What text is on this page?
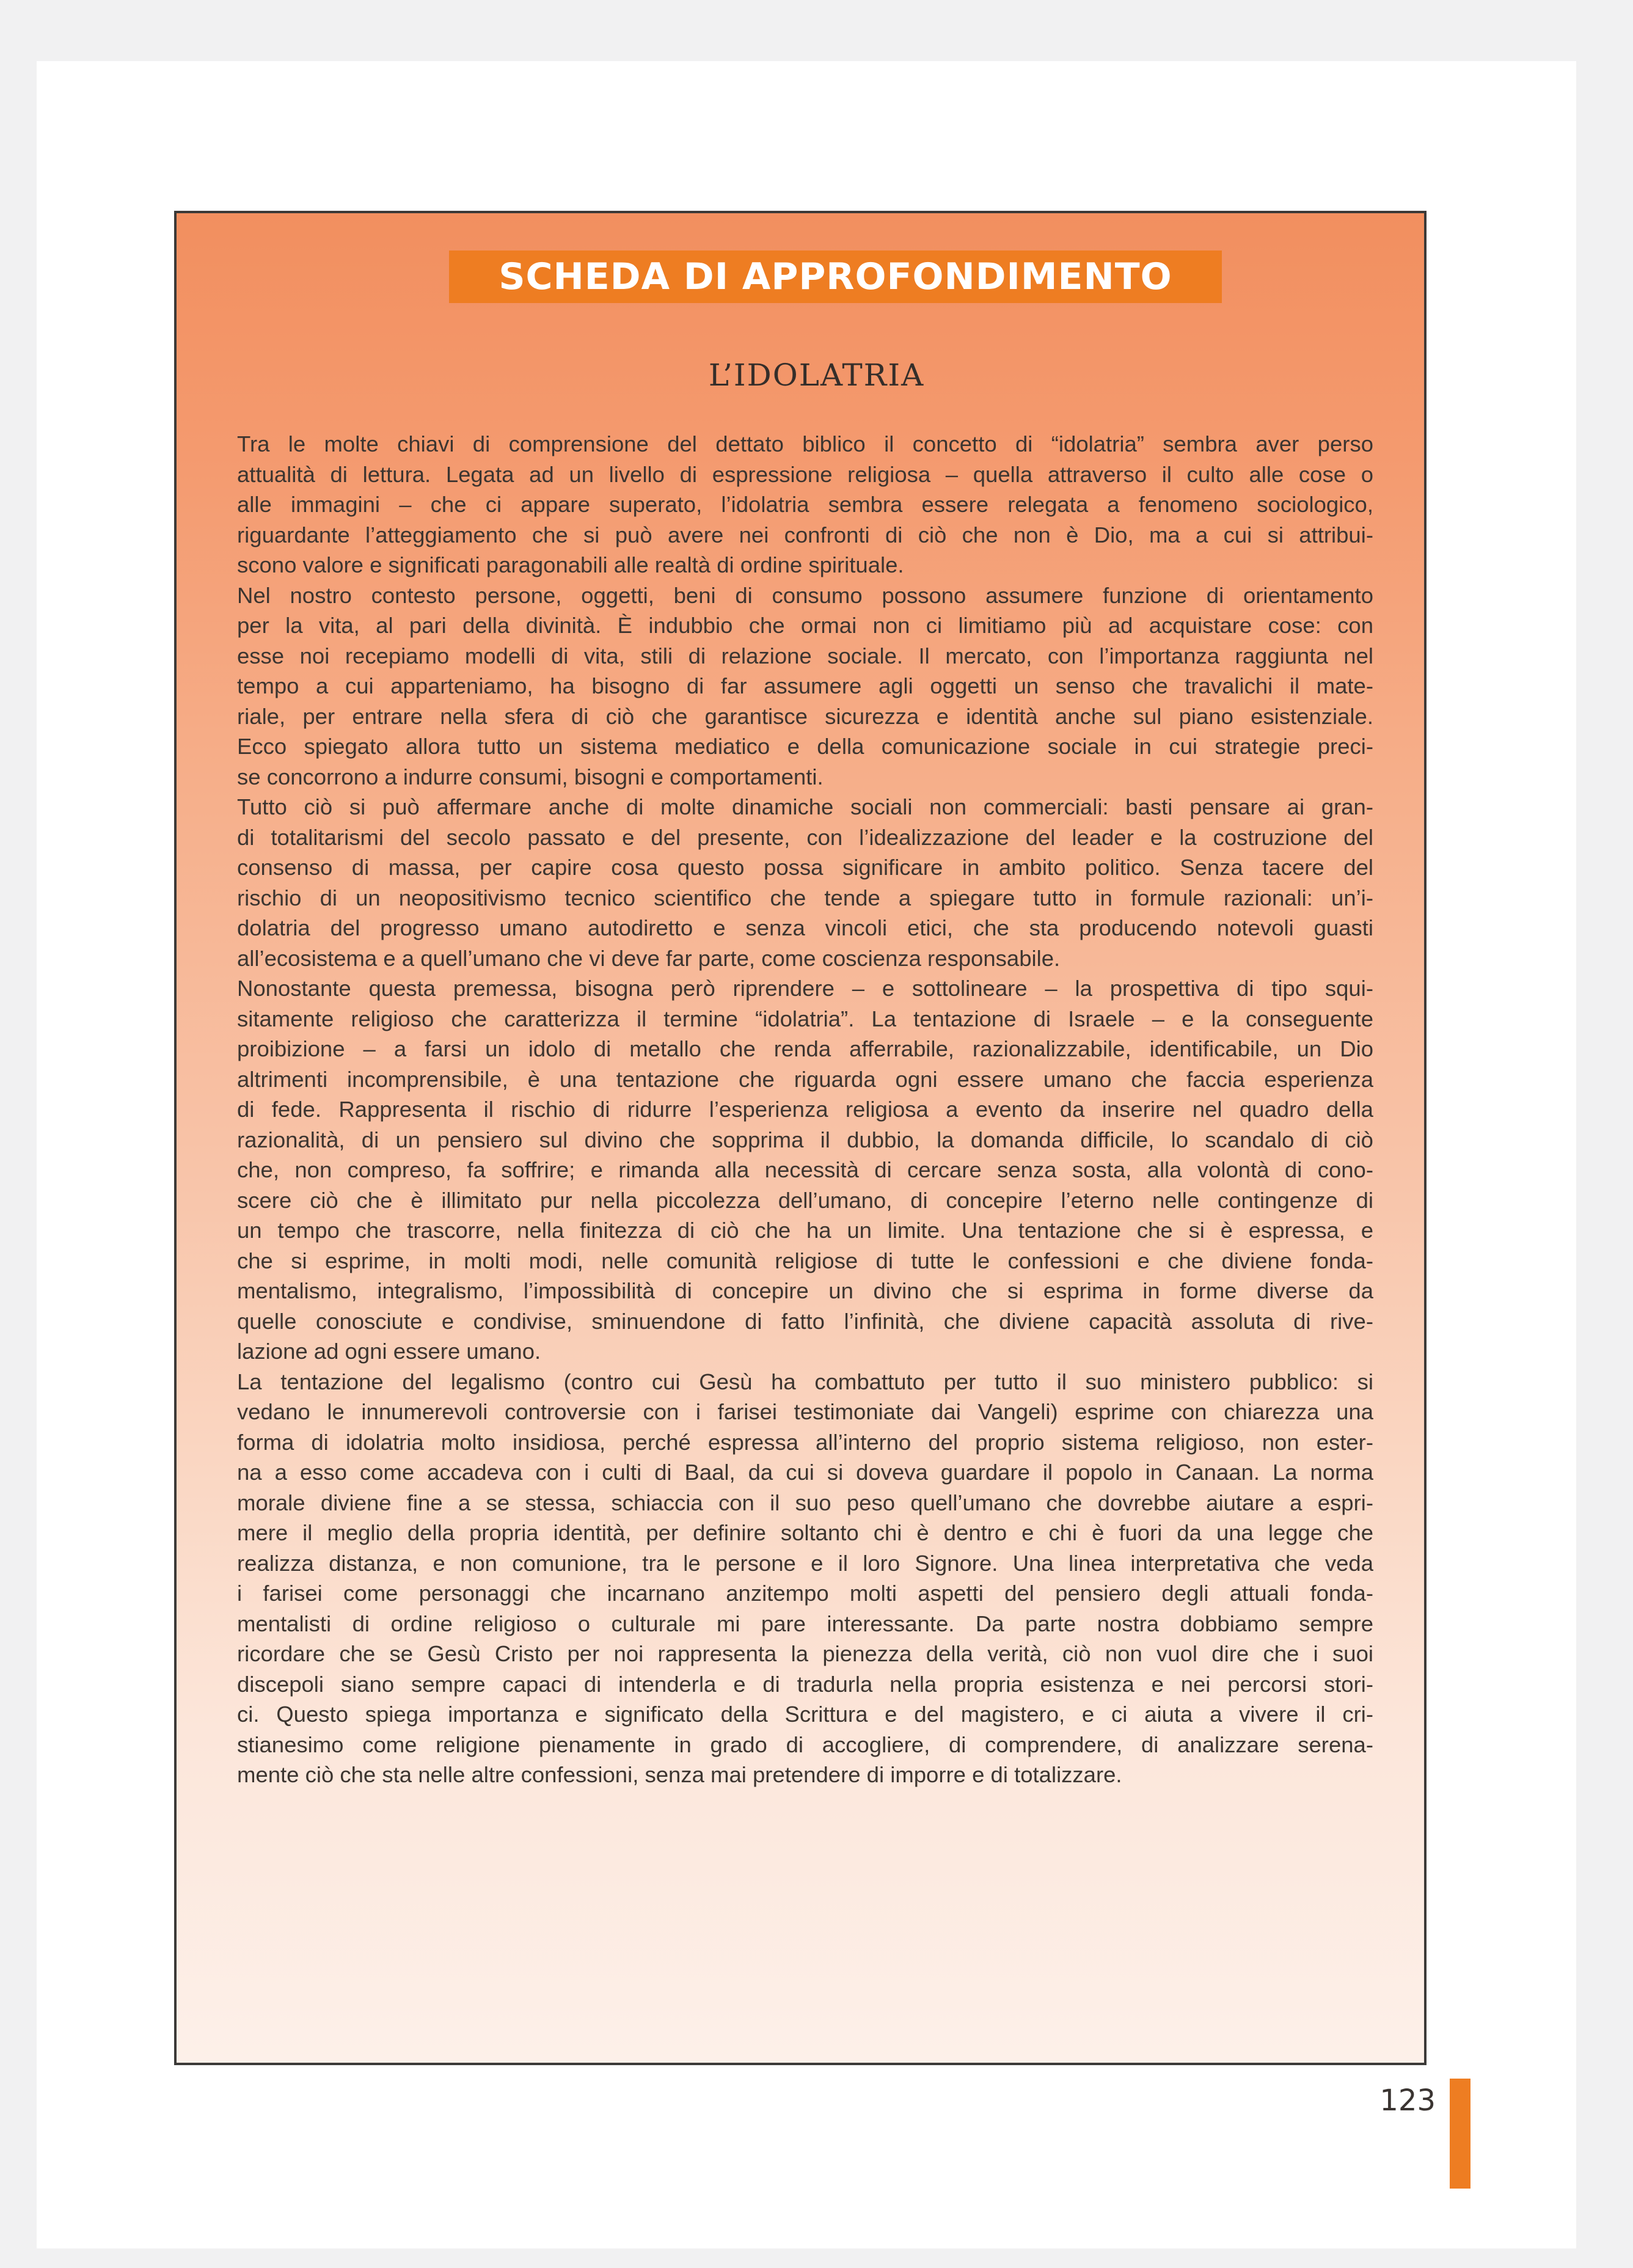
SCHEDA DI APPROFONDIMENTO
L’IDOLATRIA
Tra le molte chiavi di comprensione del dettato biblico il concetto di “idolatria” sembra aver perso
attualità di lettura. Legata ad un livello di espressione religiosa – quella attraverso il culto alle cose o
alle immagini – che ci appare superato, l’idolatria sembra essere relegata a fenomeno sociologico,
riguardante l’atteggiamento che si può avere nei confronti di ciò che non è Dio, ma a cui si attribui-
scono valore e significati paragonabili alle realtà di ordine spirituale.
Nel nostro contesto persone, oggetti, beni di consumo possono assumere funzione di orientamento
per la vita, al pari della divinità. È indubbio che ormai non ci limitiamo più ad acquistare cose: con
esse noi recepiamo modelli di vita, stili di relazione sociale. Il mercato, con l’importanza raggiunta nel
tempo a cui apparteniamo, ha bisogno di far assumere agli oggetti un senso che travalichi il mate-
riale, per entrare nella sfera di ciò che garantisce sicurezza e identità anche sul piano esistenziale.
Ecco spiegato allora tutto un sistema mediatico e della comunicazione sociale in cui strategie preci-
se concorrono a indurre consumi, bisogni e comportamenti.
Tutto ciò si può affermare anche di molte dinamiche sociali non commerciali: basti pensare ai gran-
di totalitarismi del secolo passato e del presente, con l’idealizzazione del leader e la costruzione del
consenso di massa, per capire cosa questo possa significare in ambito politico. Senza tacere del
rischio di un neopositivismo tecnico scientifico che tende a spiegare tutto in formule razionali: un’i-
dolatria del progresso umano autodiretto e senza vincoli etici, che sta producendo notevoli guasti
all’ecosistema e a quell’umano che vi deve far parte, come coscienza responsabile.
Nonostante questa premessa, bisogna però riprendere – e sottolineare – la prospettiva di tipo squi-
sitamente religioso che caratterizza il termine “idolatria”. La tentazione di Israele – e la conseguente
proibizione – a farsi un idolo di metallo che renda afferrabile, razionalizzabile, identificabile, un Dio
altrimenti incomprensibile, è una tentazione che riguarda ogni essere umano che faccia esperienza
di fede. Rappresenta il rischio di ridurre l’esperienza religiosa a evento da inserire nel quadro della
razionalità, di un pensiero sul divino che sopprima il dubbio, la domanda difficile, lo scandalo di ciò
che, non compreso, fa soffrire; e rimanda alla necessità di cercare senza sosta, alla volontà di cono-
scere ciò che è illimitato pur nella piccolezza dell’umano, di concepire l’eterno nelle contingenze di
un tempo che trascorre, nella finitezza di ciò che ha un limite. Una tentazione che si è espressa, e
che si esprime, in molti modi, nelle comunità religiose di tutte le confessioni e che diviene fonda-
mentalismo, integralismo, l’impossibilità di concepire un divino che si esprima in forme diverse da
quelle conosciute e condivise, sminuendone di fatto l’infinità, che diviene capacità assoluta di rive-
lazione ad ogni essere umano.
La tentazione del legalismo (contro cui Gesù ha combattuto per tutto il suo ministero pubblico: si
vedano le innumerevoli controversie con i farisei testimoniate dai Vangeli) esprime con chiarezza una
forma di idolatria molto insidiosa, perché espressa all’interno del proprio sistema religioso, non ester-
na a esso come accadeva con i culti di Baal, da cui si doveva guardare il popolo in Canaan. La norma
morale diviene fine a se stessa, schiaccia con il suo peso quell’umano che dovrebbe aiutare a espri-
mere il meglio della propria identità, per definire soltanto chi è dentro e chi è fuori da una legge che
realizza distanza, e non comunione, tra le persone e il loro Signore. Una linea interpretativa che veda
i farisei come personaggi che incarnano anzitempo molti aspetti del pensiero degli attuali fonda-
mentalisti di ordine religioso o culturale mi pare interessante. Da parte nostra dobbiamo sempre
ricordare che se Gesù Cristo per noi rappresenta la pienezza della verità, ciò non vuol dire che i suoi
discepoli siano sempre capaci di intenderla e di tradurla nella propria esistenza e nei percorsi stori-
ci. Questo spiega importanza e significato della Scrittura e del magistero, e ci aiuta a vivere il cri-
stianesimo come religione pienamente in grado di accogliere, di comprendere, di analizzare serena-
mente ciò che sta nelle altre confessioni, senza mai pretendere di imporre e di totalizzare.
123
